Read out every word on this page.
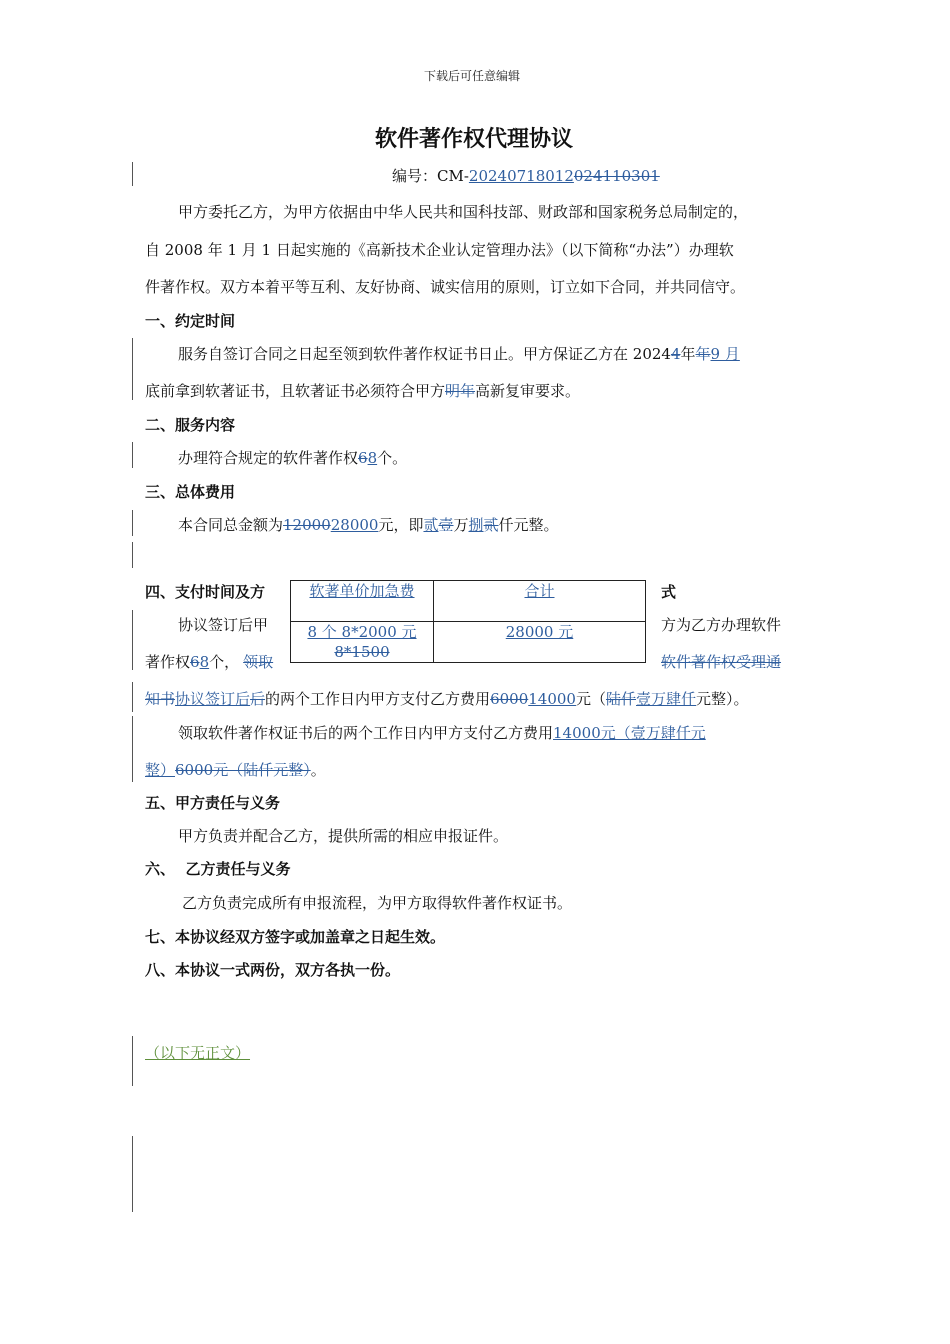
下载后可任意编辑
软件著作权代理协议
编号：CM-20240718012024110301
甲方委托乙方，为甲方依据由中华人民共和国科技部、财政部和国家税务总局制定的，
自 2008 年 1 月 1 日起实施的《高新技术企业认定管理办法》（以下简称“办法”）办理软
件著作权。双方本着平等互利、友好协商、诚实信用的原则，订立如下合同，并共同信守。
一、约定时间
服务自签订合同之日起至领到软件著作权证书日止。甲方保证乙方在 20244年年9 月
底前拿到软著证书，且软著证书必须符合甲方明年高新复审要求。
二、服务内容
办理符合规定的软件著作权68个。
三、总体费用
本合同总金额为1200028000元，即贰壹万捌贰仟元整。
四、支付时间及方	式
软著单价加急费	合计
8 个 8*2000 元
8*1500	28000 元
协议签订后甲	方为乙方办理软件
著作权68个， 领取	软件著作权受理通
知书协议签订后后的两个工作日内甲方支付乙方费用600014000元（陆仟壹万肆仟元整）。
领取软件著作权证书后的两个工作日内甲方支付乙方费用14000元（壹万肆仟元
整）6000元（陆仟元整）。
五、甲方责任与义务
甲方负责并配合乙方，提供所需的相应申报证件。
六、  乙方责任与义务
乙方负责完成所有申报流程，为甲方取得软件著作权证书。
七、本协议经双方签字或加盖章之日起生效。
八、本协议一式两份，双方各执一份。
（以下无正文）
